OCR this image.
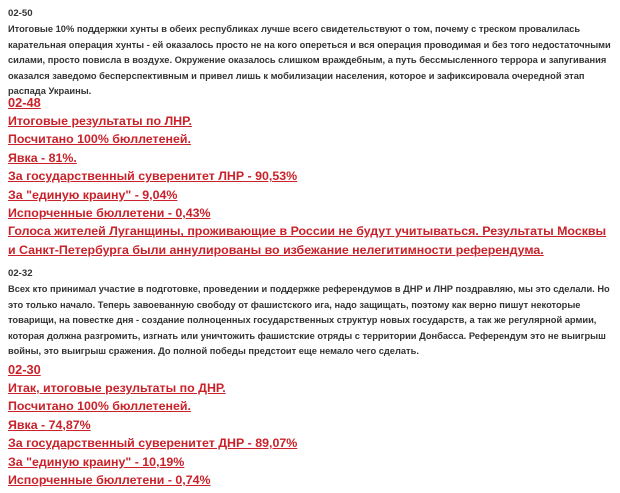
02-50
Итоговые 10% поддержки хунты в обеих республиках лучше всего свидетельствуют о том, почему с треском провалилась карательная операция хунты - ей оказалось просто не на кого опереться и вся операция проводимая и без того недостаточными силами, просто повисла в воздухе. Окружение оказалось слишком враждебным, а путь бессмысленного террора и запугивания оказался заведомо бесперспективным и привел лишь к мобилизации населения, которое и зафиксировала очередной этап распада Украины.
02-48
Итоговые результаты по ЛНР.
Посчитано 100% бюллетеней.
Явка - 81%.
За государственный суверенитет ЛНР - 90,53%
За "единую краину" - 9,04%
Испорченные бюллетени - 0,43%
Голоса жителей Луганщины, проживающие в России не будут учитываться. Результаты Москвы и Санкт-Петербурга были аннулированы во избежание нелегитимности референдума.
02-32
Всех кто принимал участие в подготовке, проведении и поддержке референдумов в ДНР и ЛНР поздравляю, мы это сделали. Но это только начало. Теперь завоеванную свободу от фашистского ига, надо защищать, поэтому как верно пишут некоторые товарищи, на повестке дня - создание полноценных государственных структур новых государств, а так же регулярной армии, которая должна разгромить, изгнать или уничтожить фашистские отряды с территории Донбасса. Референдум это не выигрыш войны, это выигрыш сражения. До полной победы предстоит еще немало чего сделать.
02-30
Итак, итоговые результаты по ДНР.
Посчитано 100% бюллетеней.
Явка - 74,87%
За государственный суверенитет ДНР - 89,07%
За "единую краину" - 10,19%
Испорченные бюллетени - 0,74%
